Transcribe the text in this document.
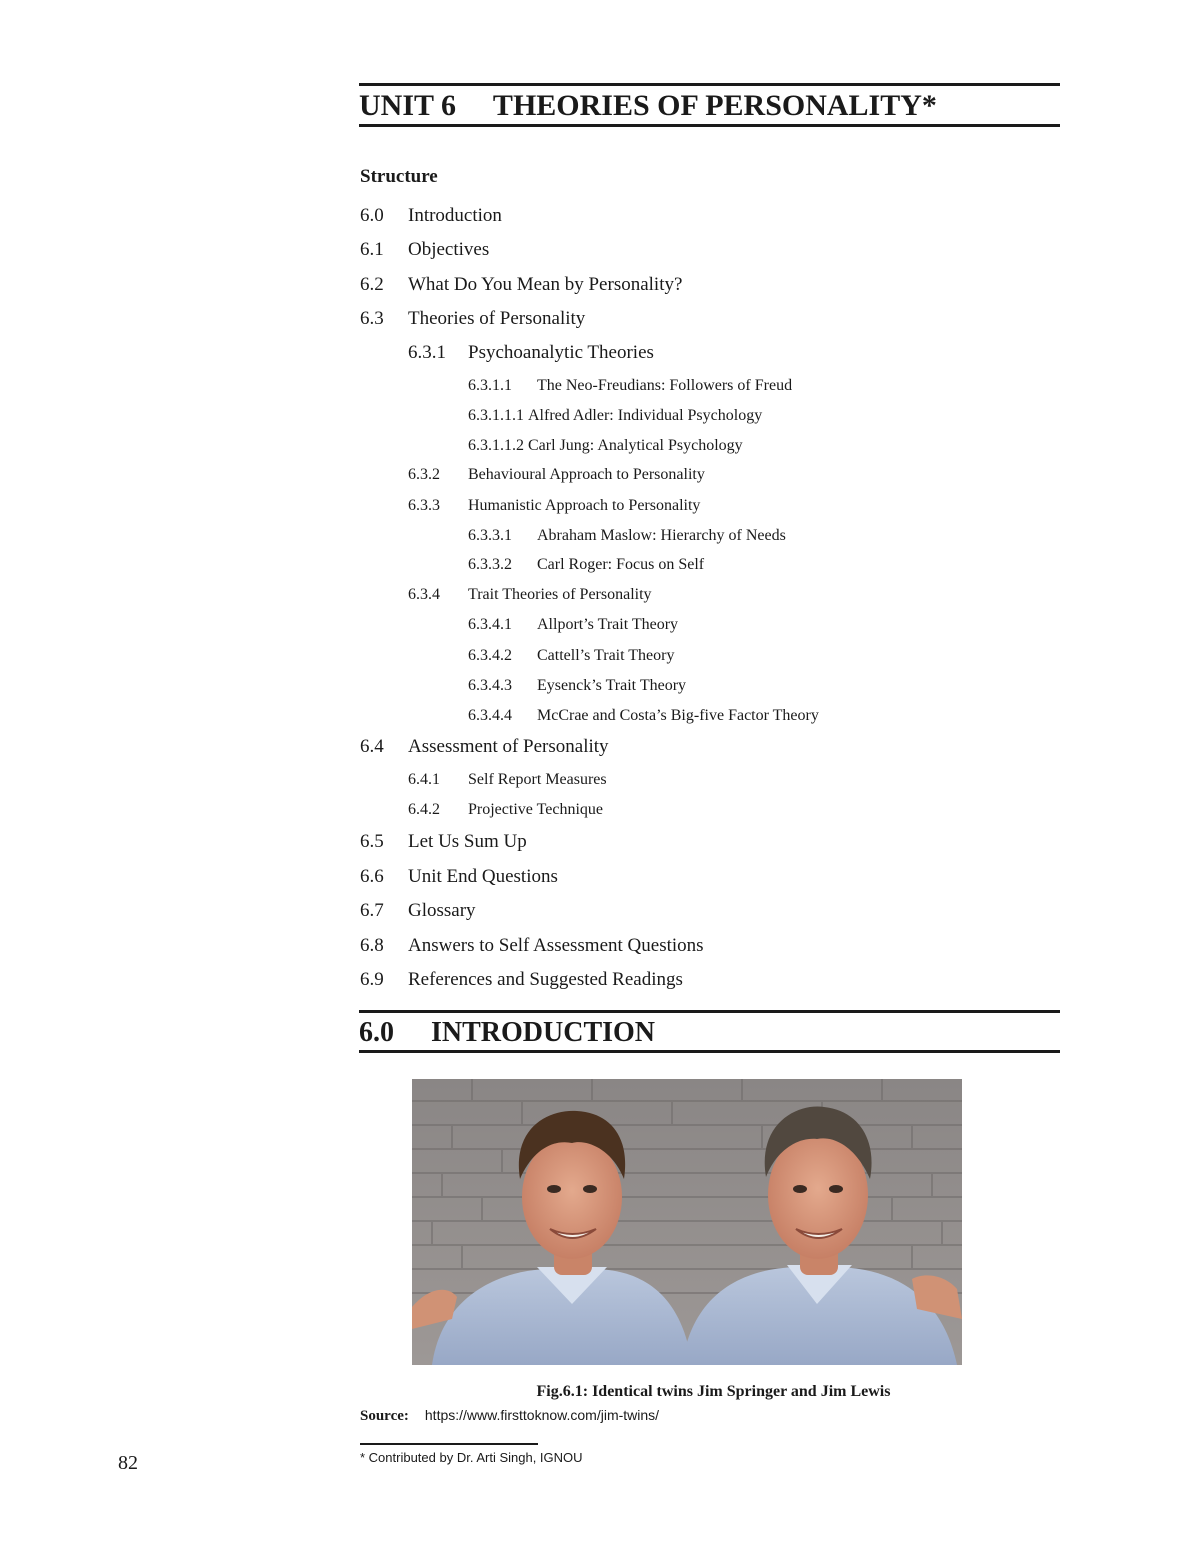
UNIT 6     THEORIES OF PERSONALITY*
Structure
6.0 Introduction
6.1 Objectives
6.2 What Do You Mean by Personality?
6.3 Theories of Personality
6.3.1 Psychoanalytic Theories
6.3.1.1 The Neo-Freudians: Followers of Freud
6.3.1.1.1 Alfred Adler: Individual Psychology
6.3.1.1.2 Carl Jung: Analytical Psychology
6.3.2 Behavioural Approach to Personality
6.3.3 Humanistic Approach to Personality
6.3.3.1 Abraham Maslow: Hierarchy of Needs
6.3.3.2 Carl Roger: Focus on Self
6.3.4 Trait Theories of Personality
6.3.4.1 Allport’s Trait Theory
6.3.4.2 Cattell’s Trait Theory
6.3.4.3 Eysenck’s Trait Theory
6.3.4.4 McCrae and Costa’s Big-five Factor Theory
6.4 Assessment of Personality
6.4.1 Self Report Measures
6.4.2 Projective Technique
6.5 Let Us Sum Up
6.6 Unit End Questions
6.7 Glossary
6.8 Answers to Self Assessment Questions
6.9 References and Suggested Readings
6.0 INTRODUCTION
Fig.6.1: Identical twins Jim Springer and Jim Lewis
Source: https://www.firsttoknow.com/jim-twins/
* Contributed by Dr. Arti Singh, IGNOU
82
